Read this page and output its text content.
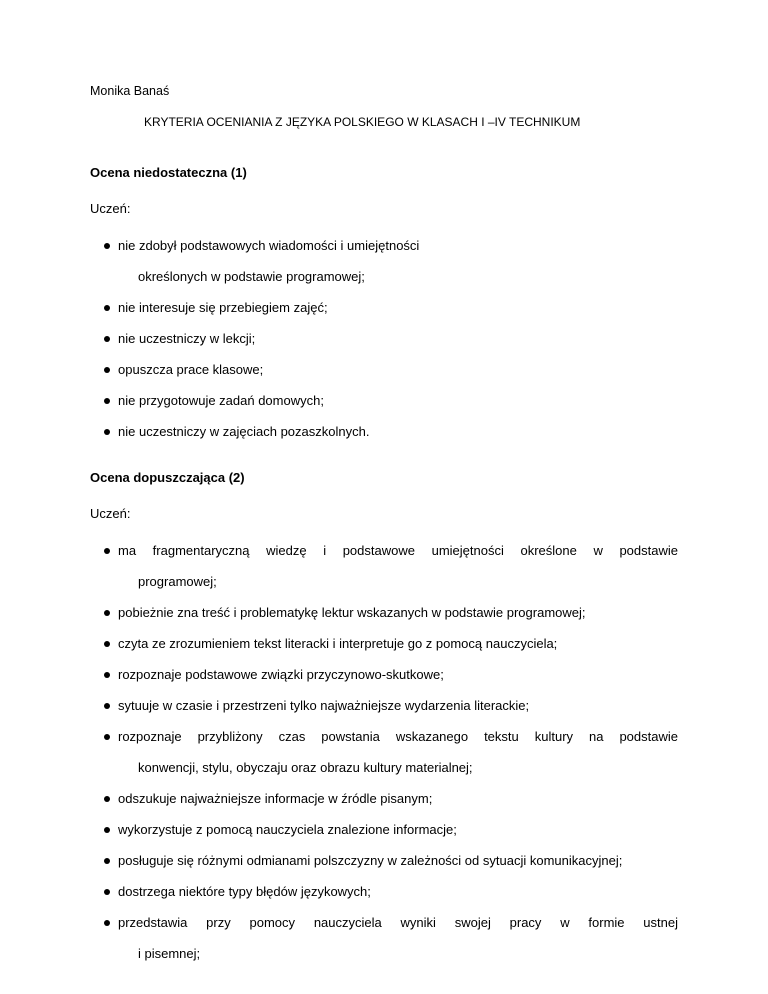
Monika Banaś
KRYTERIA OCENIANIA Z JĘZYKA POLSKIEGO W KLASACH I –IV TECHNIKUM

Ocena niedostateczna (1)

Uczeń:

nie zdobył podstawowych wiadomości i umiejętności
określonych w podstawie programowej;
nie interesuje się przebiegiem zajęć;
nie uczestniczy w lekcji;
opuszcza prace klasowe;
nie przygotowuje zadań domowych;
nie uczestniczy w zajęciach pozaszkolnych.

Ocena dopuszczająca (2)

Uczeń:

ma fragmentaryczną wiedzę i podstawowe umiejętności określone w podstawie
programowej;
pobieżnie zna treść i problematykę lektur wskazanych w podstawie programowej;
czyta ze zrozumieniem tekst literacki i interpretuje go z pomocą nauczyciela;
rozpoznaje podstawowe związki przyczynowo-skutkowe;
sytuuje w czasie i przestrzeni tylko najważniejsze wydarzenia literackie;
rozpoznaje przybliżony czas powstania wskazanego tekstu kultury na podstawie
konwencji, stylu, obyczaju oraz obrazu kultury materialnej;
odszukuje najważniejsze informacje w źródle pisanym;
wykorzystuje z pomocą nauczyciela znalezione informacje;
posługuje się różnymi odmianami polszczyzny w zależności od sytuacji komunikacyjnej;
dostrzega niektóre typy błędów językowych;
przedstawia przy pomocy nauczyciela wyniki swojej pracy w formie ustnej
i pisemnej;
